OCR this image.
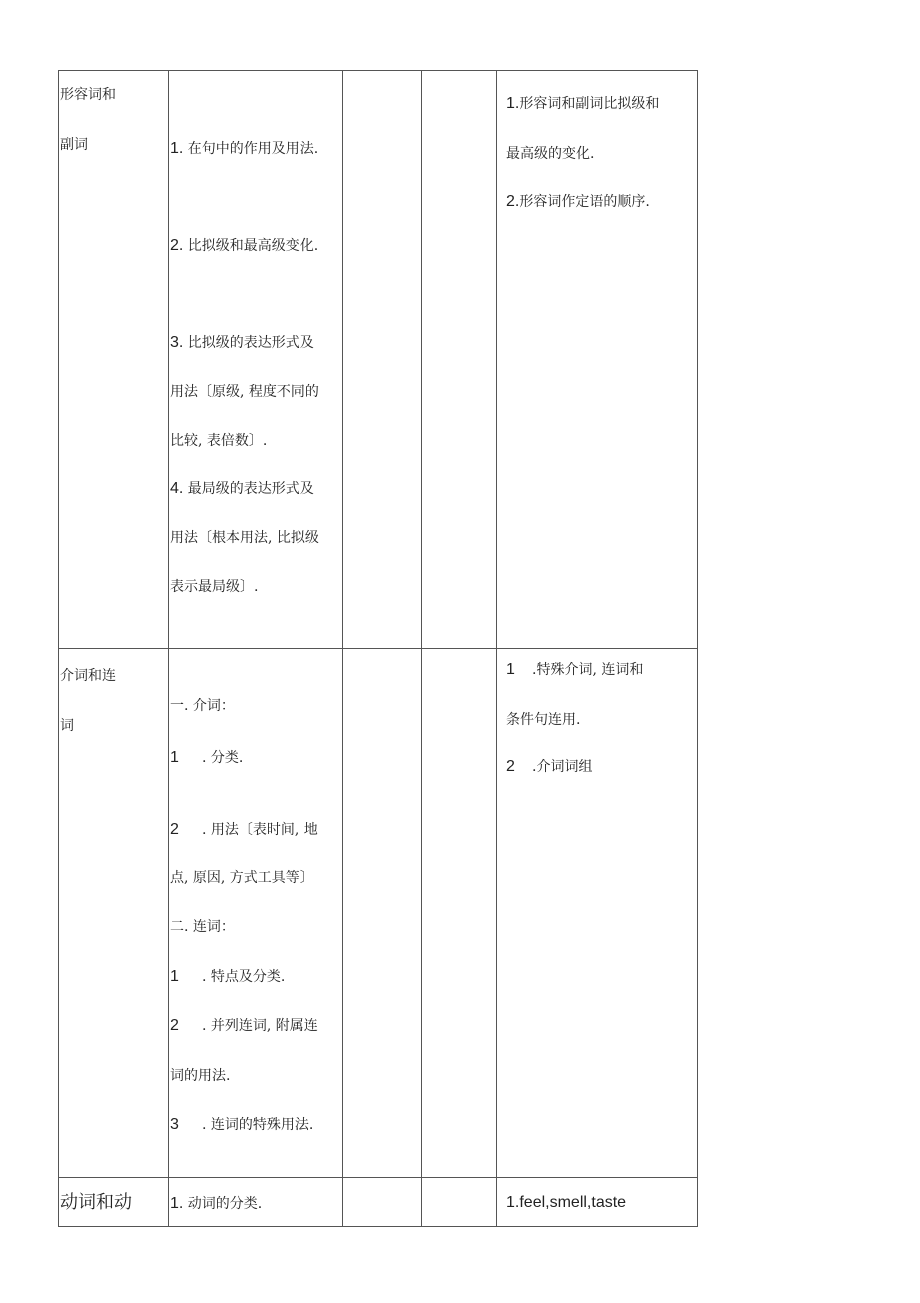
形容词和
副词	1. 在句中的作用及用法.
2. 比拟级和最高级变化.
3. 比拟级的表达形式及
用法〔原级, 程度不同的
比较, 表倍数〕.
4. 最局级的表达形式及
用法〔根本用法, 比拟级
表示最局级〕.
1.形容词和副词比拟级和
最高级的变化.
2.形容词作定语的顺序.
介词和连
词
一. 介词：
1 . 分类.
2 . 用法〔表时间, 地
点, 原因, 方式工具等〕
二. 连词：
1 . 特点及分类.
2 . 并列连词, 附属连
词的用法.
3 . 连词的特殊用法.
1 .特殊介词, 连词和
条件句连用.
2 .介词词组
动词和动 1. 动词的分类.	1.feel,smell,taste
